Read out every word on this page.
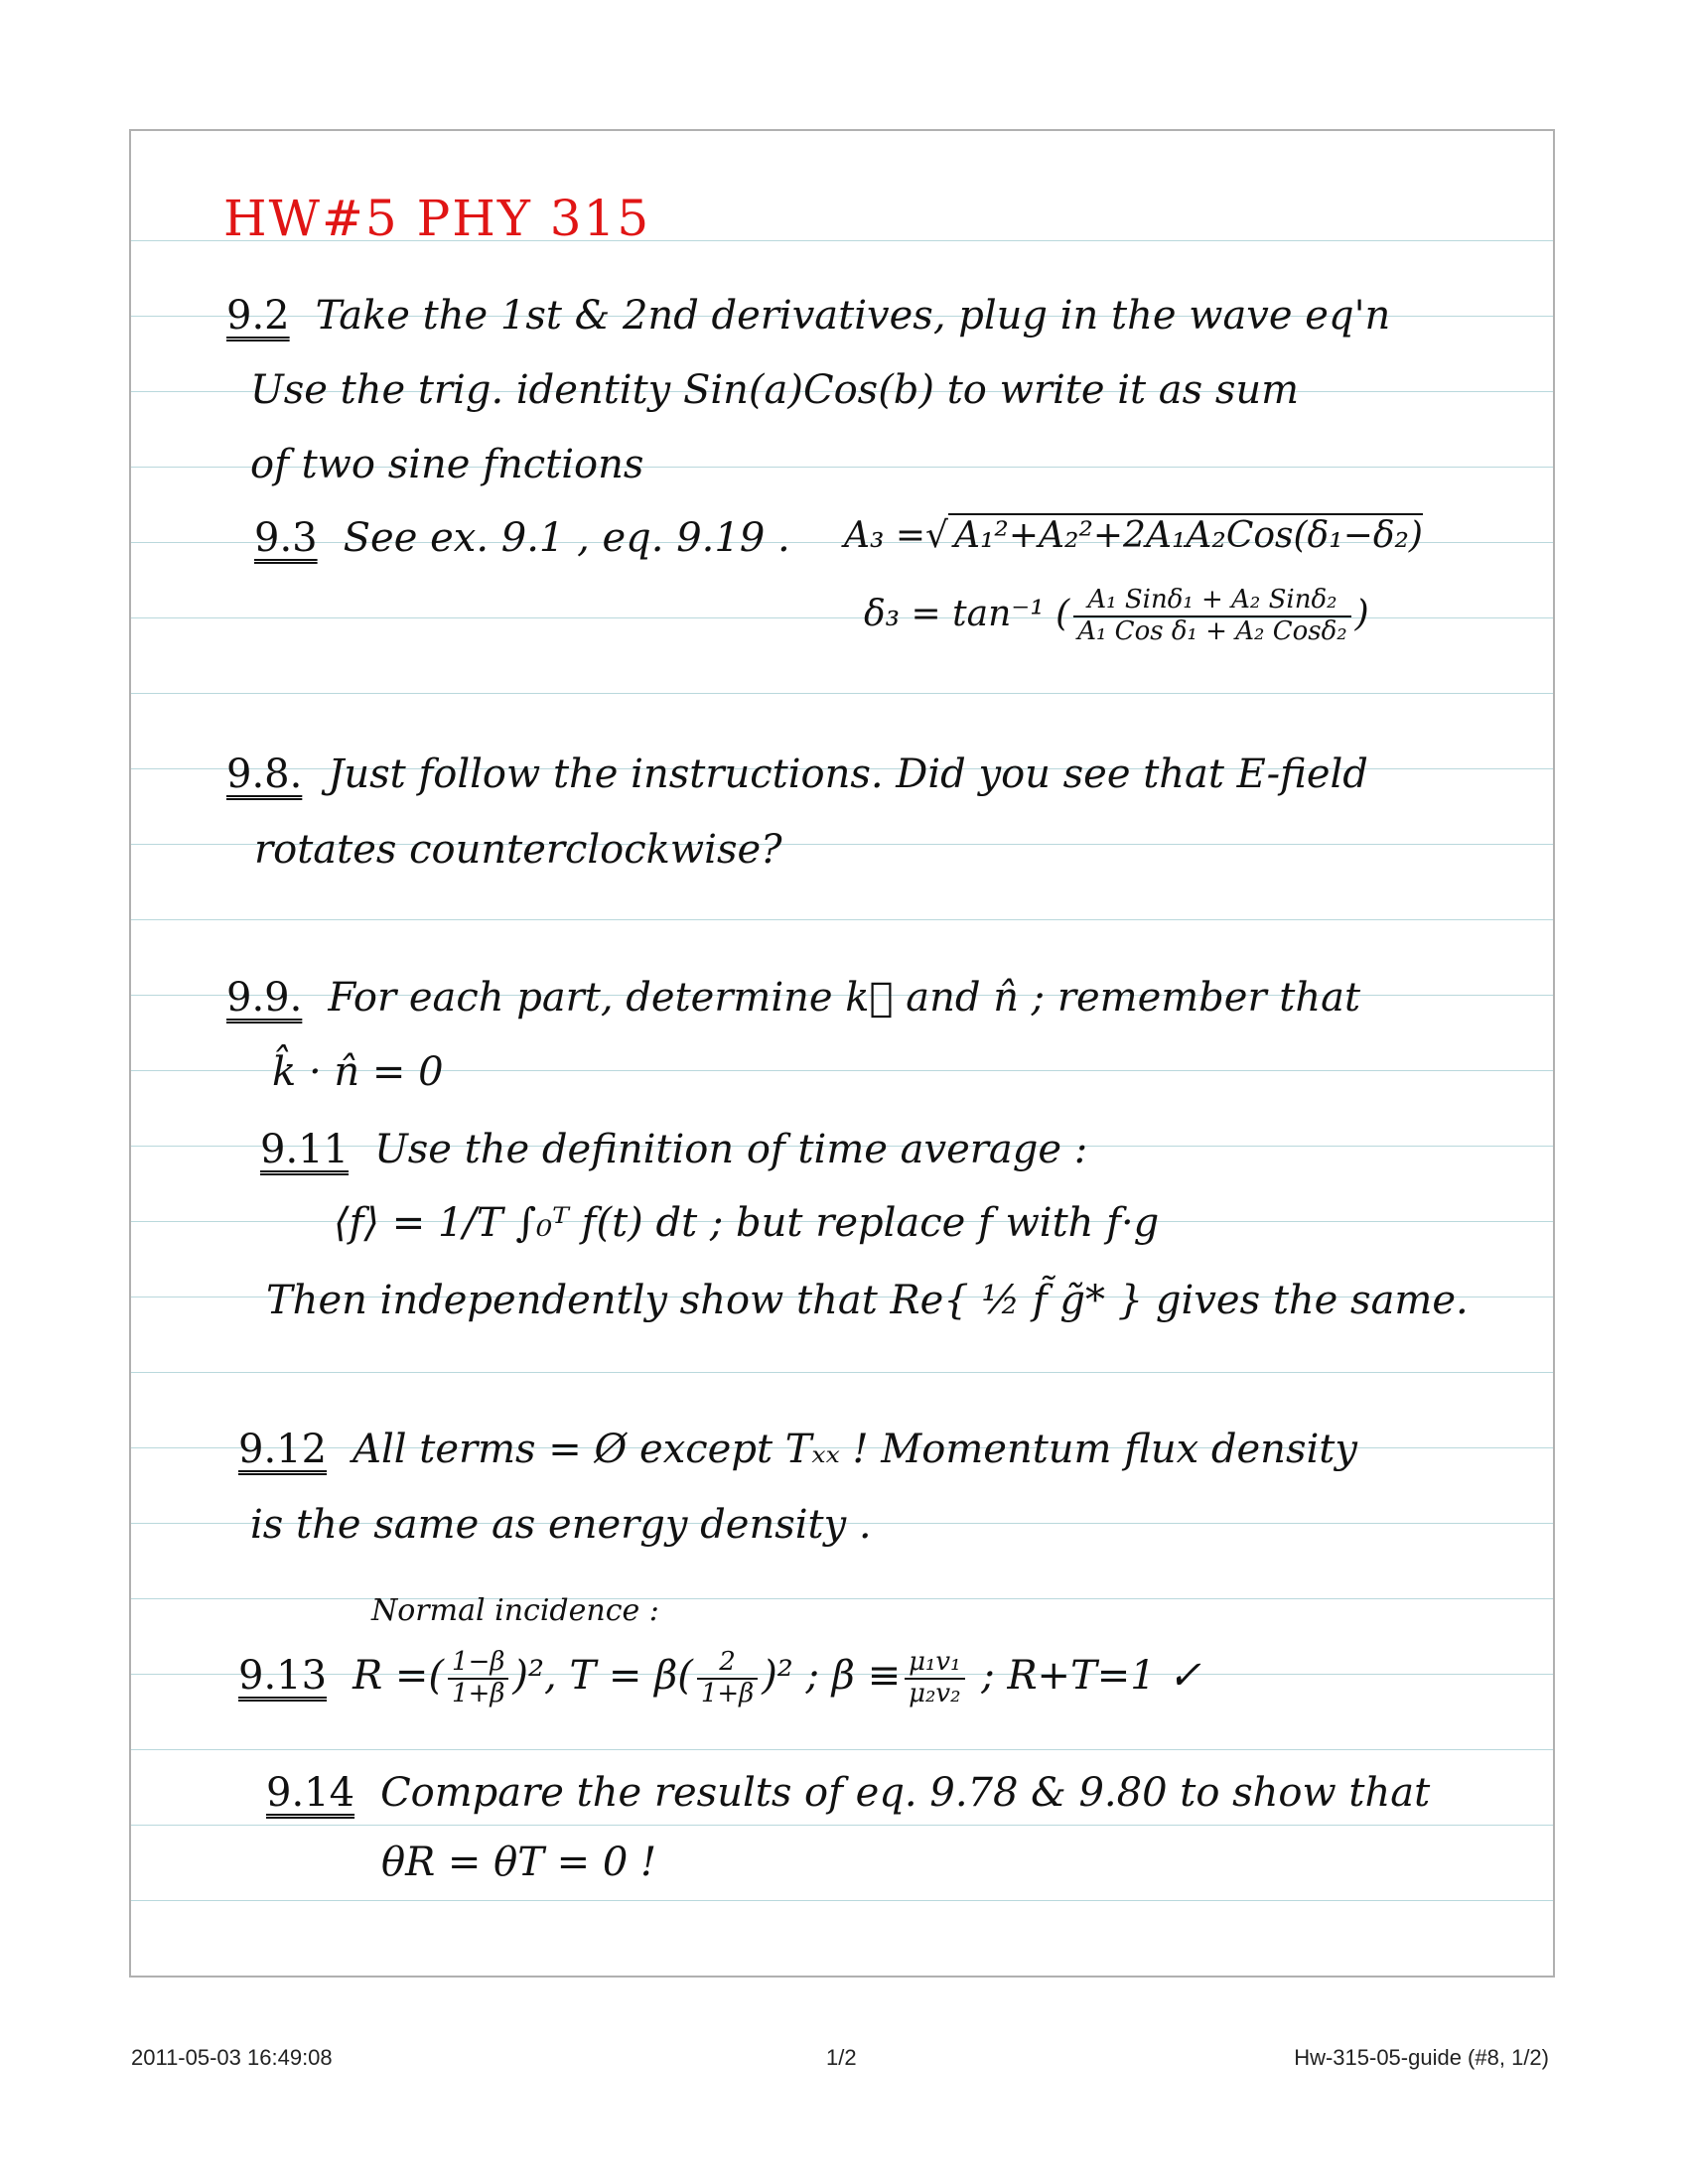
HW#5 PHY 315
9.2 Take the 1st & 2nd derivatives, plug in the wave eq'n
Use the trig. identity Sin(a)Cos(b) to write it as sum
of two sine fnctions
9.3 See ex. 9.1 , eq. 9.19 . A₃ =√ A₁²+A₂²+2A₁A₂Cos(δ₁−δ₂)
δ₃ = tan⁻¹ ( $\frac{\text{A₁ Sinδ₁ + A₂ Sinδ₂}}{\text{A₁ Cos δ₁ + A₂ Cosδ₂}}$ )
9.8. Just follow the instructions. Did you see that E-field
rotates counterclockwise?
9.9. For each part, determine k⃗ and n̂ ; remember that
k̂ · n̂ = 0
9.11 Use the definition of time average :
⟨f⟩ = 1/T ∫₀ᵀ f(t) dt ; but replace f with f·g
Then independently show that Re{ ½ f̃ g̃* } gives the same.
9.12 All terms = Ø except Tₓₓ ! Momentum flux density
is the same as energy density .
Normal incidence :
9.13 R =( $\frac{1-\beta}{1+\beta} )^2$, $T = \beta( \frac{2}{1+\beta} )^2$ ; $\beta \equiv \frac{\text{μ₁v₁}}{\text{μ₂v₂}}$ ; R+T=1 ✓
9.14 Compare the results of eq. 9.78 & 9.80 to show that
θR = θT = 0 !
2011-05-03 16:49:08	1/2	Hw-315-05-guide (#8, 1/2)
